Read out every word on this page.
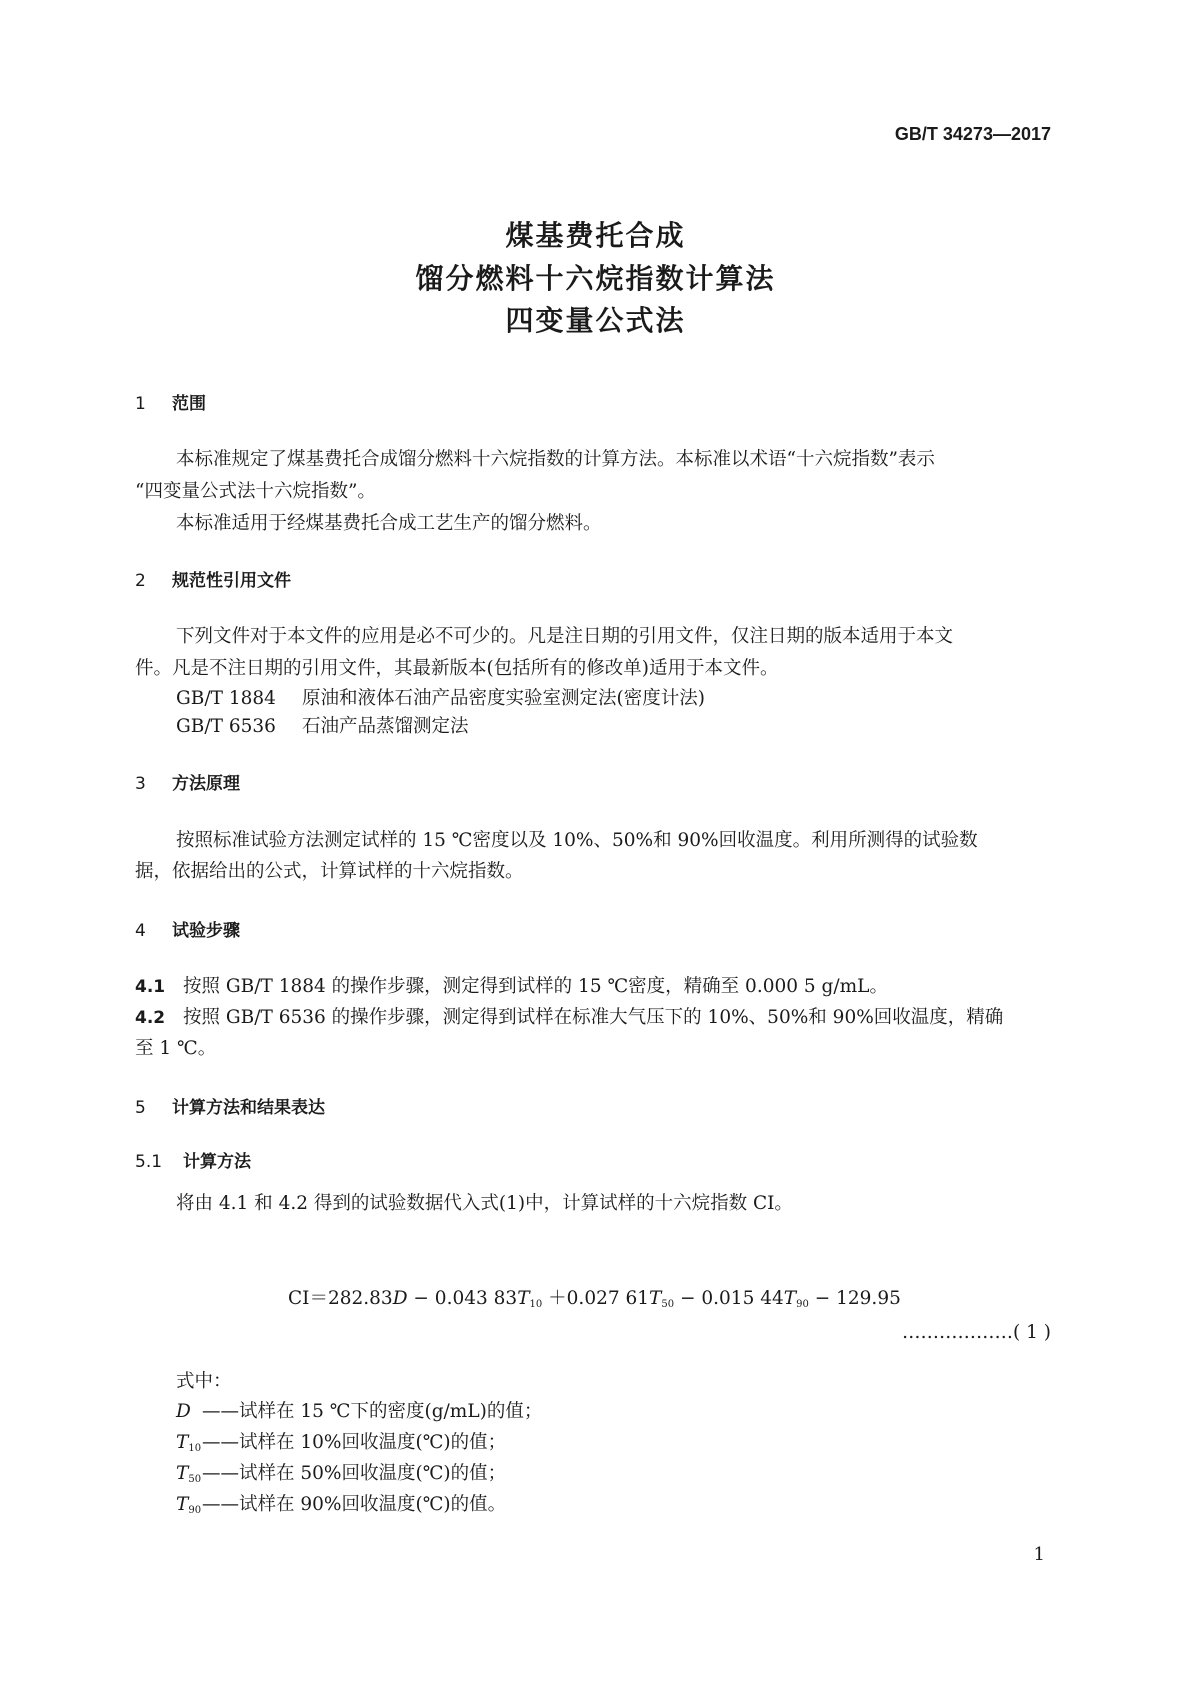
GB/T 34273—2017
煤基费托合成
馏分燃料十六烷指数计算法
四变量公式法
1 范围
本标准规定了煤基费托合成馏分燃料十六烷指数的计算方法。本标准以术语“十六烷指数”表示
“四变量公式法十六烷指数”。
本标准适用于经煤基费托合成工艺生产的馏分燃料。
2 规范性引用文件
下列文件对于本文件的应用是必不可少的。凡是注日期的引用文件，仅注日期的版本适用于本文
件。凡是不注日期的引用文件，其最新版本(包括所有的修改单)适用于本文件。
GB/T 1884 原油和液体石油产品密度实验室测定法(密度计法)
GB/T 6536 石油产品蒸馏测定法
3 方法原理
按照标准试验方法测定试样的 15 ℃密度以及 10%、50%和 90%回收温度。利用所测得的试验数
据，依据给出的公式，计算试样的十六烷指数。
4 试验步骤
4.1 按照 GB/T 1884 的操作步骤，测定得到试样的 15 ℃密度，精确至 0.000 5 g/mL。
4.2 按照 GB/T 6536 的操作步骤，测定得到试样在标准大气压下的 10%、50%和 90%回收温度，精确
至 1 ℃。
5 计算方法和结果表达
5.1 计算方法
将由 4.1 和 4.2 得到的试验数据代入式(1)中，计算试样的十六烷指数 CI。
CI＝282.83D − 0.043 $83T_{10} +0.027$ $61T_{50} - 0.015$ $44T_{90} - 129.95$
………………( 1 )
式中：
D ——试样在 15 ℃下的密度(g/mL)的值；
$T_{10}——$试样在 10%回收温度(℃)的值；
$T_{50}——$试样在 50%回收温度(℃)的值；
$T_{90}——$试样在 90%回收温度(℃)的值。
1
